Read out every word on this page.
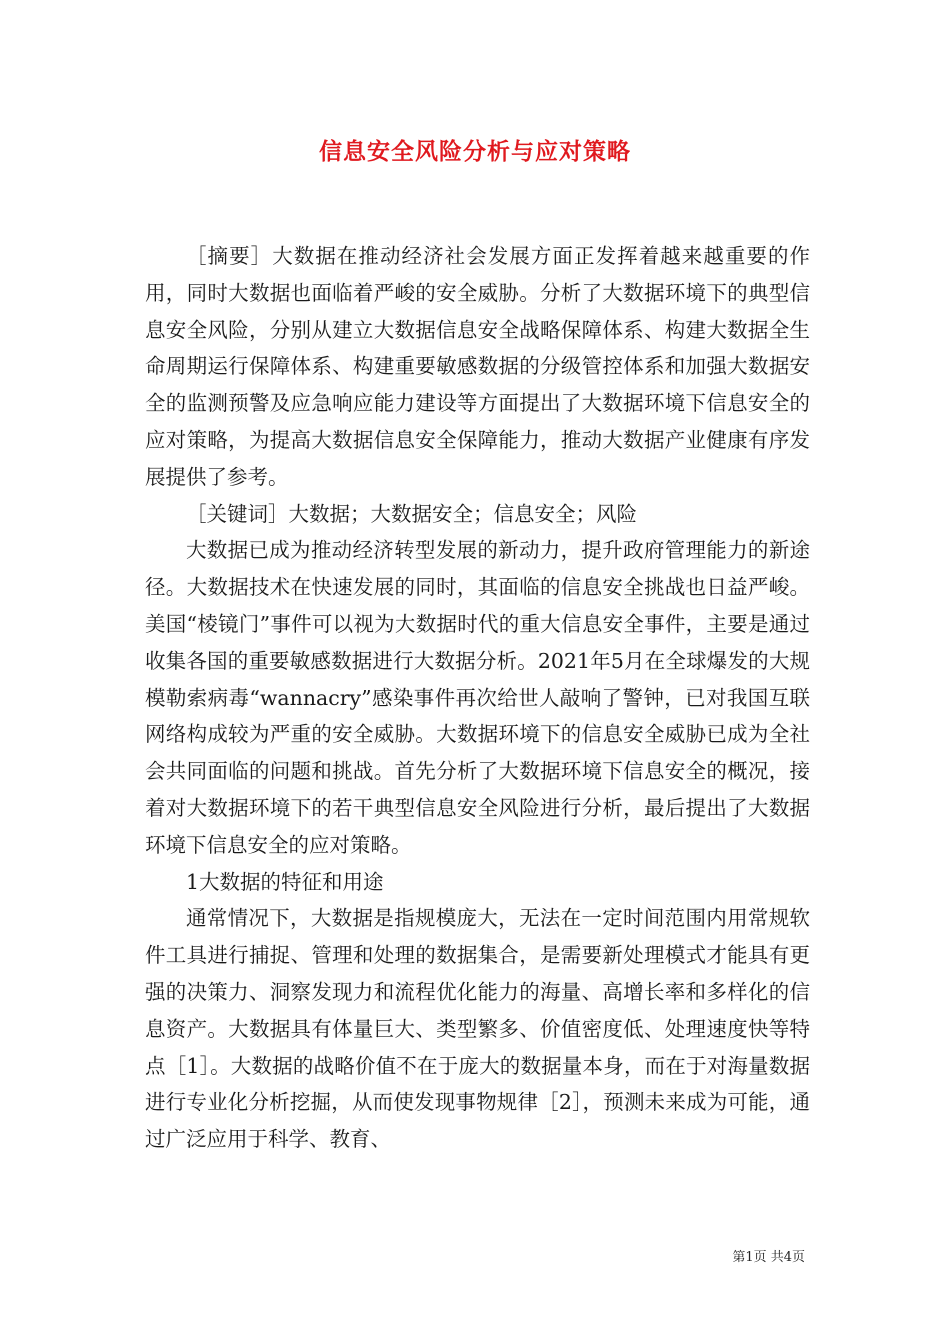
信息安全风险分析与应对策略

［摘要］大数据在推动经济社会发展方面正发挥着越来越重要的作用，同时大数据也面临着严峻的安全威胁。分析了大数据环境下的典型信息安全风险，分别从建立大数据信息安全战略保障体系、构建大数据全生命周期运行保障体系、构建重要敏感数据的分级管控体系和加强大数据安全的监测预警及应急响应能力建设等方面提出了大数据环境下信息安全的应对策略，为提高大数据信息安全保障能力，推动大数据产业健康有序发展提供了参考。

［关键词］大数据；大数据安全；信息安全；风险

大数据已成为推动经济转型发展的新动力，提升政府管理能力的新途径。大数据技术在快速发展的同时，其面临的信息安全挑战也日益严峻。美国“棱镜门”事件可以视为大数据时代的重大信息安全事件，主要是通过收集各国的重要敏感数据进行大数据分析。2021年5月在全球爆发的大规模勒索病毒“wannacry”感染事件再次给世人敲响了警钟，已对我国互联网络构成较为严重的安全威胁。大数据环境下的信息安全威胁已成为全社会共同面临的问题和挑战。首先分析了大数据环境下信息安全的概况，接着对大数据环境下的若干典型信息安全风险进行分析，最后提出了大数据环境下信息安全的应对策略。

1大数据的特征和用途

通常情况下，大数据是指规模庞大，无法在一定时间范围内用常规软件工具进行捕捉、管理和处理的数据集合，是需要新处理模式才能具有更强的决策力、洞察发现力和流程优化能力的海量、高增长率和多样化的信息资产。大数据具有体量巨大、类型繁多、价值密度低、处理速度快等特点［1］。大数据的战略价值不在于庞大的数据量本身，而在于对海量数据进行专业化分析挖掘，从而使发现事物规律［2］，预测未来成为可能，通过广泛应用于科学、教育、

第1页 共4页
